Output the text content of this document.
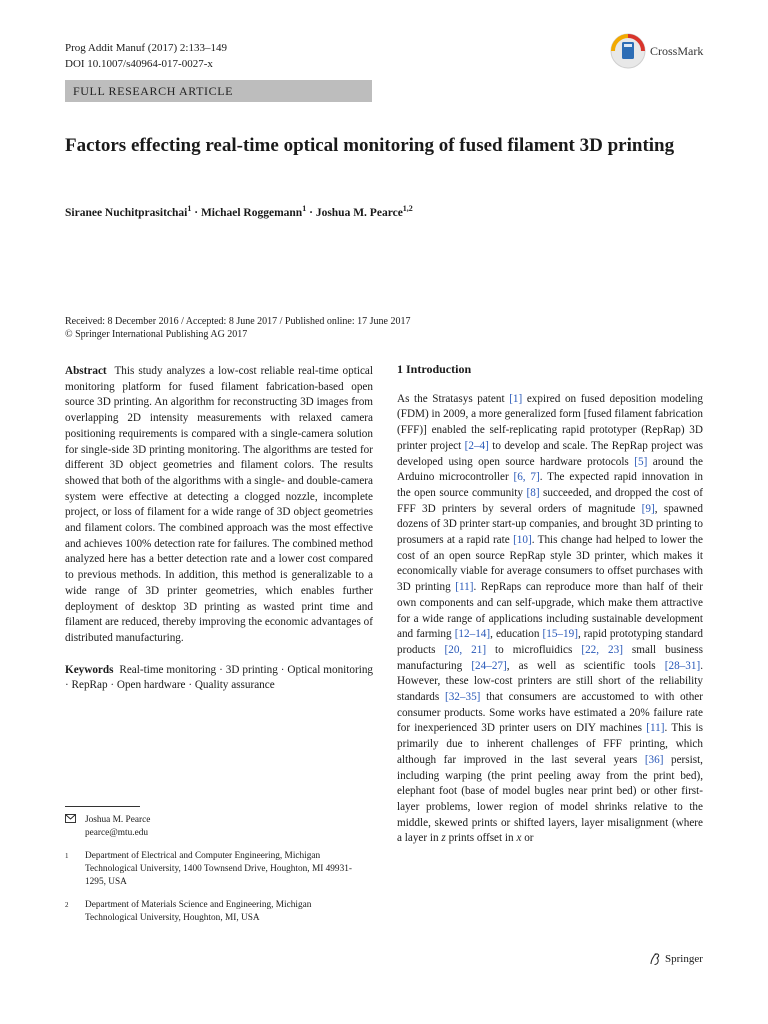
Prog Addit Manuf (2017) 2:133–149
DOI 10.1007/s40964-017-0027-x
CrossMark
FULL RESEARCH ARTICLE
Factors effecting real-time optical monitoring of fused filament 3D printing
Siranee Nuchitprasitchai$^1$ · Michael Roggemann$^1$ · Joshua M. Pearce$^{1,2}$
Received: 8 December 2016 / Accepted: 8 June 2017 / Published online: 17 June 2017
© Springer International Publishing AG 2017

Abstract This study analyzes a low-cost reliable real-time optical monitoring platform for fused filament fabrication-based open source 3D printing. An algorithm for reconstructing 3D images from overlapping 2D intensity measurements with relaxed camera positioning requirements is compared with a single-camera solution for single-side 3D printing monitoring. The algorithms are tested for different 3D object geometries and filament colors. The results showed that both of the algorithms with a single- and double-camera system were effective at detecting a clogged nozzle, incomplete project, or loss of filament for a wide range of 3D object geometries and filament colors. The combined approach was the most effective and achieves 100% detection rate for failures. The combined method analyzed here has a better detection rate and a lower cost compared to previous methods. In addition, this method is generalizable to a wide range of 3D printer geometries, which enables further deployment of desktop 3D printing as wasted print time and filament are reduced, thereby improving the economic advantages of distributed manufacturing.

Keywords Real-time monitoring · 3D printing · Optical monitoring · RepRap · Open hardware · Quality assurance

Joshua M. Pearce
pearce@mtu.edu
1	Department of Electrical and Computer Engineering, Michigan Technological University, 1400 Townsend Drive, Houghton, MI 49931-1295, USA
2	Department of Materials Science and Engineering, Michigan Technological University, Houghton, MI, USA

1 Introduction

As the Stratasys patent [1] expired on fused deposition modeling (FDM) in 2009, a more generalized form [fused filament fabrication (FFF)] enabled the self-replicating rapid prototyper (RepRap) 3D printer project [2–4] to develop and scale. The RepRap project was developed using open source hardware protocols [5] around the Arduino microcontroller [6, 7]. The expected rapid innovation in the open source community [8] succeeded, and dropped the cost of FFF 3D printers by several orders of magnitude [9], spawned dozens of 3D printer start-up companies, and brought 3D printing to prosumers at a rapid rate [10]. This change had helped to lower the cost of an open source RepRap style 3D printer, which makes it economically viable for average consumers to offset purchases with 3D printing [11]. RepRaps can reproduce more than half of their own components and can self-upgrade, which make them attractive for a wide range of applications including sustainable development and farming [12–14], education [15–19], rapid prototyping standard products [20, 21] to microfluidics [22, 23] small business manufacturing [24–27], as well as scientific tools [28–31]. However, these low-cost printers are still short of the reliability standards [32–35] that consumers are accustomed to with other consumer products. Some works have estimated a 20% failure rate for inexperienced 3D printer users on DIY machines [11]. This is primarily due to inherent challenges of FFF printing, which although far improved in the last several years [36] persist, including warping (the print peeling away from the print bed), elephant foot (base of model bugles near print bed) or other first-layer problems, lower region of model shrinks relative to the middle, skewed prints or shifted layers, layer misalignment (where a layer in z prints offset in x or

Springer
